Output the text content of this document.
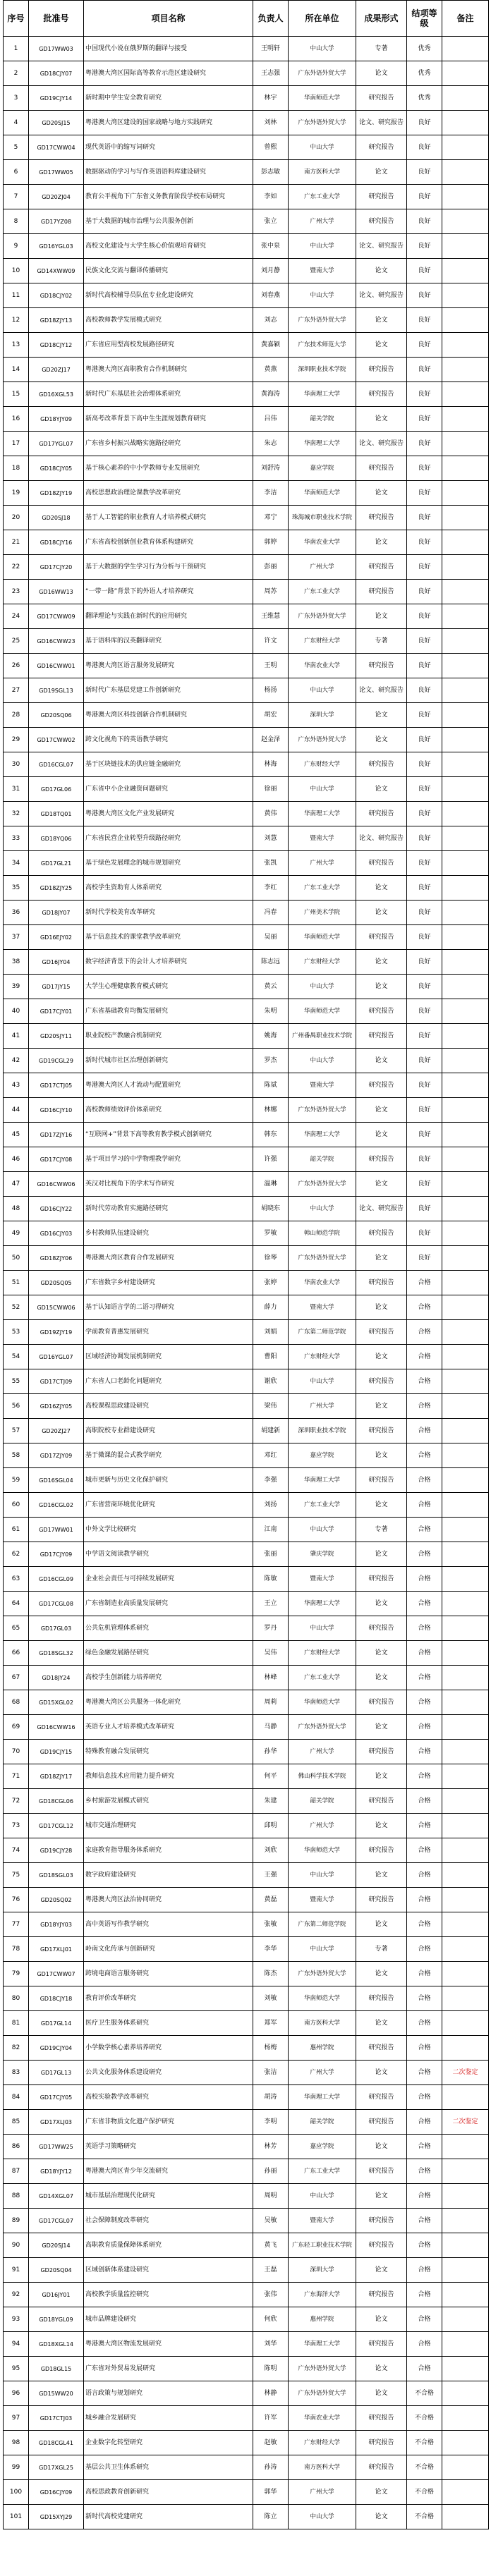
序号	批准号	项目名称	负责人	所在单位	成果形式	结项等级	备注
1	GD17WW03	中国现代小说在俄罗斯的翻译与接受	王明轩	中山大学	专著	优秀	
2	GD18CJY07	粤港澳大湾区国际高等教育示范区建设研究	王志强	广东外语外贸大学	论文	优秀	
3	GD19CJY14	新时期中学生安全教育研究	林宇	华南师范大学	研究报告	优秀	
4	GD20SJ15	粤港澳大湾区建设的国家战略与地方实践研究	刘林	广东外语外贸大学	论文、研究报告	良好	
5	GD17CWW04	现代英语中的缩写词研究	曾熙	中山大学	研究报告	良好	
6	GD17WW05	数据驱动的学习与写作英语语料库建设研究	彭志敏	南方医科大学	论文	良好	
7	GD20ZJ04	教育公平视角下广东省义务教育阶段学校布局研究	李如	广东工业大学	研究报告	良好	
8	GD17YZ08	基于大数据的城市治理与公共服务创新	张立	广州大学	研究报告	良好	
9	GD16YGL03	高校文化建设与大学生核心价值观培育研究	张中泉	中山大学	论文、研究报告	良好	
10	GD14XWW09	民族文化交流与翻译传播研究	刘月静	暨南大学	论文	良好	
11	GD18CJY02	新时代高校辅导员队伍专业化建设研究	刘春燕	中山大学	论文、研究报告	良好	
12	GD18ZJY13	高校教师教学发展模式研究	刘志	广东外语外贸大学	论文	良好	
13	GD18CJY12	广东省应用型高校发展路径研究	黄嘉颖	广东技术师范大学	论文	良好	
14	GD20ZJ17	粤港澳大湾区高职教育合作机制研究	黄燕	深圳职业技术学院	研究报告	良好	
15	GD16XGL53	新时代广东基层社会治理体系研究	黄海涛	华南理工大学	研究报告	良好	
16	GD18YJY09	新高考改革背景下高中生生涯规划教育研究	吕伟	韶关学院	论文	良好	
17	GD17YGL07	广东省乡村振兴战略实施路径研究	朱志	华南理工大学	论文、研究报告	良好	
18	GD18CJY05	基于核心素养的中小学教师专业发展研究	刘舒涛	嘉应学院	研究报告	良好	
19	GD18ZJY19	高校思想政治理论课教学改革研究	李洁	华南师范大学	论文	良好	
20	GD20SJ18	基于人工智能的职业教育人才培养模式研究	邓宁	珠海城市职业技术学院	研究报告	良好	
21	GD18CJY16	广东省高校创新创业教育体系构建研究	郭婷	华南农业大学	论文	良好	
22	GD17CJY20	基于大数据的学生学习行为分析与干预研究	彭丽	广州大学	研究报告	良好	
23	GD16WW13	“一带一路”背景下的外语人才培养研究	周苏	广东工业大学	研究报告	良好	
24	GD17CWW09	翻译理论与实践在新时代的应用研究	王维慧	广东外语外贸大学	论文	良好	
25	GD16CWW23	基于语料库的汉英翻译研究	许文	广东财经大学	专著	良好	
26	GD16CWW01	粤港澳大湾区语言服务发展研究	王明	华南农业大学	研究报告	良好	
27	GD19SGL13	新时代广东基层党建工作创新研究	杨扬	中山大学	论文、研究报告	良好	
28	GD20SQ06	粤港澳大湾区科技创新合作机制研究	胡宏	深圳大学	论文	良好	
29	GD17CWW02	跨文化视角下的英语教学研究	赵金泽	广东外语外贸大学	论文	良好	
30	GD16CGL07	基于区块链技术的供应链金融研究	林海	广东财经大学	研究报告	良好	
31	GD17GL06	广东省中小企业融资问题研究	徐丽	中山大学	论文	良好	
32	GD18TQ01	粤港澳大湾区文化产业发展研究	黄伟	华南理工大学	研究报告	良好	
33	GD18YQ06	广东省民营企业转型升级路径研究	刘慧	暨南大学	论文、研究报告	良好	
34	GD17GL21	基于绿色发展理念的城市规划研究	张凯	广州大学	研究报告	良好	
35	GD18ZJY25	高校学生资助育人体系研究	李红	广东工业大学	论文	良好	
36	GD18JY07	新时代学校美育改革研究	冯春	广州美术学院	论文	良好	
37	GD16EJY02	基于信息技术的课堂教学改革研究	吴丽	华南师范大学	研究报告	良好	
38	GD16JY04	数字经济背景下的会计人才培养研究	陈志远	广东财经大学	论文	良好	
39	GD17JY15	大学生心理健康教育模式研究	黄云	中山大学	论文	良好	
40	GD17CJY01	广东省基础教育均衡发展研究	朱明	华南师范大学	研究报告	良好	
41	GD20SJY11	职业院校产教融合机制研究	姚海	广州番禺职业技术学院	研究报告	良好	
42	GD19CGL29	新时代城市社区治理创新研究	罗杰	中山大学	论文	良好	
43	GD17CTJ05	粤港澳大湾区人才流动与配置研究	陈斌	暨南大学	研究报告	良好	
44	GD16CJY10	高校教师绩效评价体系研究	林娜	广东外语外贸大学	论文	良好	
45	GD17ZJY16	“互联网+”背景下高等教育教学模式创新研究	韩东	华南理工大学	论文	良好	
46	GD17CJY08	基于项目学习的中学物理教学研究	许强	韶关学院	研究报告	良好	
47	GD16CWW06	英汉对比视角下的学术写作研究	温琳	广东外语外贸大学	论文	良好	
48	GD16CJY22	新时代劳动教育实施路径研究	胡晓东	中山大学	论文、研究报告	良好	
49	GD16CJY03	乡村教师队伍建设研究	罗敏	韩山师范学院	研究报告	良好	
50	GD18ZJY06	粤港澳大湾区教育合作发展研究	徐琴	广东外语外贸大学	论文	良好	
51	GD20SQ05	广东省数字乡村建设研究	张婷	华南农业大学	研究报告	合格	
52	GD15CWW06	基于认知语言学的二语习得研究	薛力	暨南大学	论文	合格	
53	GD19ZJY19	学前教育普惠发展研究	刘娟	广东第二师范学院	研究报告	合格	
54	GD16YGL07	区域经济协调发展机制研究	曹阳	广东财经大学	论文	合格	
55	GD17CTJ09	广东省人口老龄化问题研究	谢欣	中山大学	研究报告	合格	
56	GD16ZJY05	高校课程思政建设研究	梁伟	广州大学	论文	合格	
57	GD20ZJ27	高职院校专业群建设研究	胡建新	深圳职业技术学院	研究报告	合格	
58	GD17ZJY09	基于微课的混合式教学研究	邓红	嘉应学院	论文	合格	
59	GD16SGL04	城市更新与历史文化保护研究	李强	华南理工大学	研究报告	合格	
60	GD16CGL02	广东省营商环境优化研究	刘扬	广东工业大学	论文	合格	
61	GD17WW01	中外文学比较研究	江南	中山大学	专著	合格	
62	GD17CJY09	中学语文阅读教学研究	张丽	肇庆学院	论文	合格	
63	GD16CGL09	企业社会责任与可持续发展研究	陈敏	暨南大学	研究报告	合格	
64	GD17CGL08	广东省制造业高质量发展研究	王立	华南理工大学	论文	合格	
65	GD17GL03	公共危机管理体系研究	罗丹	中山大学	研究报告	合格	
66	GD18SGL32	绿色金融发展路径研究	吴伟	广东财经大学	论文	合格	
67	GD18JY24	高校学生创新能力培养研究	林峰	广东工业大学	论文	合格	
68	GD15XGL02	粤港澳大湾区公共服务一体化研究	周莉	华南师范大学	研究报告	合格	
69	GD16CWW16	英语专业人才培养模式改革研究	马静	广东外语外贸大学	论文	合格	
70	GD19CJY15	特殊教育融合发展研究	孙华	广州大学	研究报告	合格	
71	GD18ZJY17	教师信息技术应用能力提升研究	何平	佛山科学技术学院	论文	合格	
72	GD18CGL06	乡村旅游发展模式研究	朱建	韶关学院	研究报告	合格	
73	GD17CGL12	城市交通治理研究	邱明	广州大学	论文	合格	
74	GD19CJY28	家庭教育指导服务体系研究	刘欣	华南师范大学	研究报告	合格	
75	GD18SGL03	数字政府建设研究	王强	中山大学	论文	合格	
76	GD20SQ02	粤港澳大湾区法治协同研究	黄磊	暨南大学	研究报告	合格	
77	GD18YJY03	高中英语写作教学研究	张敏	广东第二师范学院	论文	合格	
78	GD17XLJ01	岭南文化传承与创新研究	李华	中山大学	专著	合格	
79	GD17CWW07	跨境电商语言服务研究	陈杰	广东外语外贸大学	论文	合格	
80	GD18CJY18	教育评价改革研究	刘敏	华南师范大学	研究报告	合格	
81	GD17GL14	医疗卫生服务体系研究	郑军	南方医科大学	论文	合格	
82	GD19CJY04	小学数学核心素养培养研究	杨梅	惠州学院	研究报告	合格	
83	GD17GL13	公共文化服务体系建设研究	张洁	广州大学	论文	合格	二次鉴定
84	GD17CJY05	高校实验教学改革研究	胡涛	华南理工大学	研究报告	合格	
85	GD17XLJ03	广东省非物质文化遗产保护研究	李明	韶关学院	研究报告	合格	二次鉴定
86	GD17WW25	英语学习策略研究	林芳	嘉应学院	论文	合格	
87	GD18YJY12	粤港澳大湾区青少年交流研究	孙丽	广东工业大学	研究报告	合格	
88	GD14XGL07	城市基层治理现代化研究	周明	中山大学	论文	合格	
89	GD17CGL07	社会保障制度改革研究	吴敏	暨南大学	研究报告	合格	
90	GD20SJ14	高职教育质量保障体系研究	黄飞	广东轻工职业技术学院	研究报告	合格	
91	GD20SQ04	区域创新体系建设研究	王磊	深圳大学	论文	合格	
92	GD16JY01	高校教学质量监控研究	张伟	广东海洋大学	研究报告	合格	
93	GD18YGL09	城市品牌建设研究	何欣	惠州学院	论文	合格	
94	GD18XGL14	粤港澳大湾区物流发展研究	刘华	华南理工大学	研究报告	合格	
95	GD18GL15	广东省对外贸易发展研究	陈明	广东外语外贸大学	论文	合格	
96	GD15WW20	语言政策与规划研究	林静	广东外语外贸大学	论文	不合格	
97	GD17CTJ03	城乡融合发展研究	许军	华南农业大学	研究报告	不合格	
98	GD18CGL41	企业数字化转型研究	赵敏	广东财经大学	研究报告	不合格	
99	GD17XGL25	基层公共卫生体系研究	孙涛	南方医科大学	研究报告	不合格	
100	GD16CJY09	高校思政教育创新研究	郭华	广州大学	论文	不合格	
101	GD15XYJ29	新时代高校党建研究	陈立	中山大学	论文	不合格	
